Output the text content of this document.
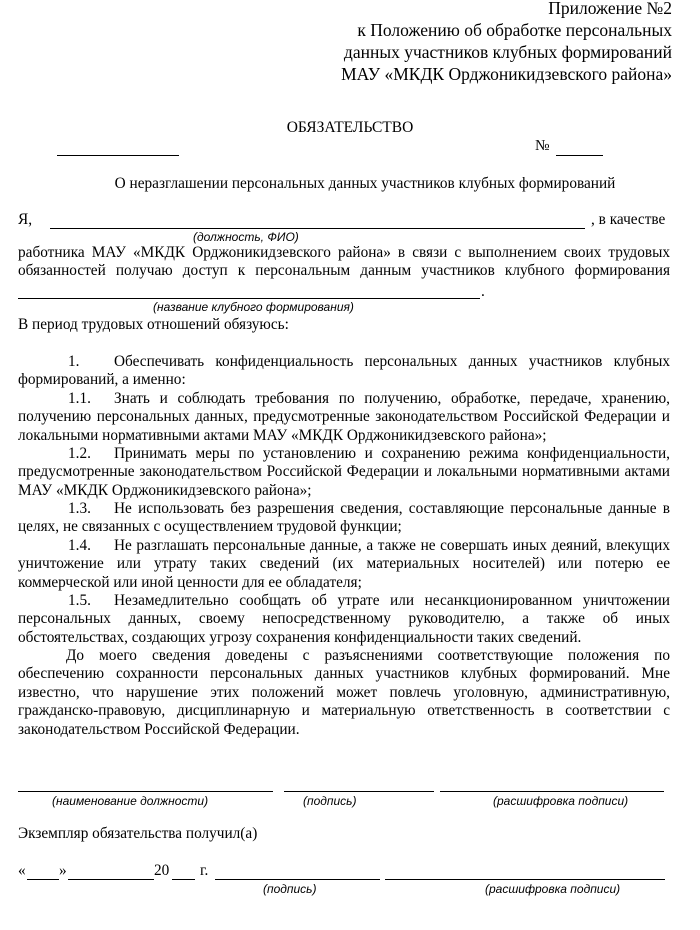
Приложение №2
к Положению об обработке персональных
данных участников клубных формирований
МАУ «МКДК Орджоникидзевского района»
ОБЯЗАТЕЛЬСТВО
№
О неразглашении персональных данных участников клубных формирований
Я,	, в качестве
(должность, ФИО)
работника МАУ «МКДК Орджоникидзевского района» в связи с выполнением своих трудовых обязанностей получаю доступ к персональным данным участников клубного формирования
.
(название клубного формирования)
В период трудовых отношений обязуюсь:
1. Обеспечивать конфиденциальность персональных данных участников клубных формирований, а именно:
1.1. Знать и соблюдать требования по получению, обработке, передаче, хранению, получению персональных данных, предусмотренные законодательством Российской Федерации и локальными нормативными актами МАУ «МКДК Орджоникидзевского района»;
1.2. Принимать меры по установлению и сохранению режима конфиденциальности, предусмотренные законодательством Российской Федерации и локальными нормативными актами МАУ «МКДК Орджоникидзевского района»;
1.3. Не использовать без разрешения сведения, составляющие персональные данные в целях, не связанных с осуществлением трудовой функции;
1.4. Не разглашать персональные данные, а также не совершать иных деяний, влекущих уничтожение или утрату таких сведений (их материальных носителей) или потерю ее коммерческой или иной ценности для ее обладателя;
1.5. Незамедлительно сообщать об утрате или несанкционированном уничтожении персональных данных, своему непосредственному руководителю, а также об иных обстоятельствах, создающих угрозу сохранения конфиденциальности таких сведений.
До моего сведения доведены с разъяснениями соответствующие положения по обеспечению сохранности персональных данных участников клубных формирований. Мне известно, что нарушение этих положений может повлечь уголовную, административную, гражданско-правовую, дисциплинарную и материальную ответственность в соответствии с законодательством Российской Федерации.
(наименование должности)	(подпись)	(расшифровка подписи)
Экземпляр обязательства получил(а)
« »	20 г.
(подпись)	(расшифровка подписи)
